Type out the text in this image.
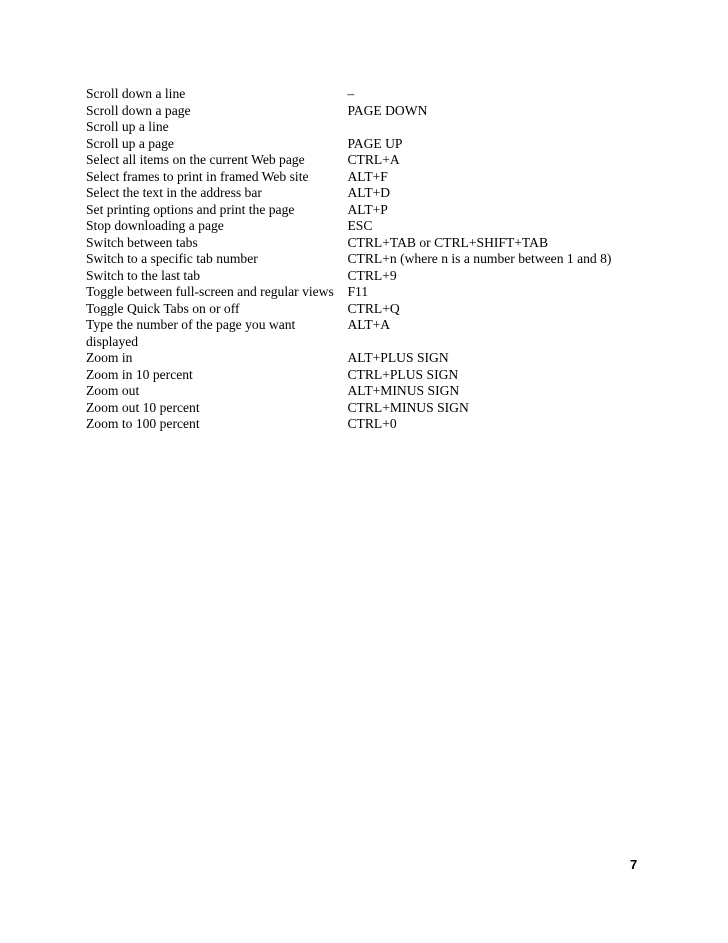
Scroll down a line	–
Scroll down a page	PAGE DOWN
Scroll up a line	
Scroll up a page	PAGE UP
Select all items on the current Web page	CTRL+A
Select frames to print in framed Web site	ALT+F
Select the text in the address bar	ALT+D
Set printing options and print the page	ALT+P
Stop downloading a page	ESC
Switch between tabs	CTRL+TAB or CTRL+SHIFT+TAB
Switch to a specific tab number	CTRL+n (where n is a number between 1 and 8)
Switch to the last tab	CTRL+9
Toggle between full-screen and regular views	F11
Toggle Quick Tabs on or off	CTRL+Q
Type the number of the page you want displayed	ALT+A
Zoom in	ALT+PLUS SIGN
Zoom in 10 percent	CTRL+PLUS SIGN
Zoom out	ALT+MINUS SIGN
Zoom out 10 percent	CTRL+MINUS SIGN
Zoom to 100 percent	CTRL+0
7
